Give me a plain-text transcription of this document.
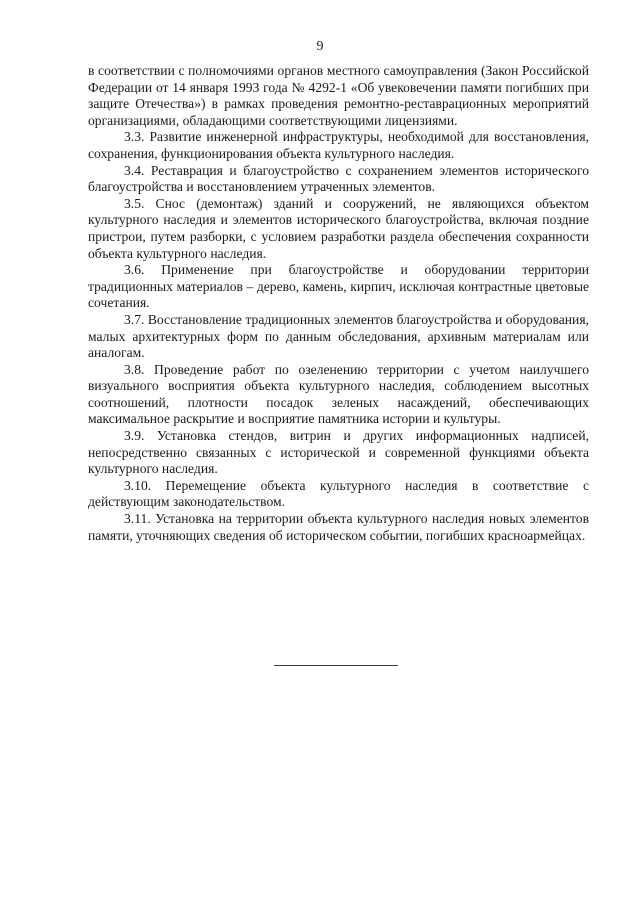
9

в соответствии с полномочиями органов местного самоуправления (Закон Российской Федерации от 14 января 1993 года № 4292-1 «Об увековечении памяти погибших при защите Отечества») в рамках проведения ремонтно-реставрационных мероприятий организациями, обладающими соответствующими лицензиями.

3.3. Развитие инженерной инфраструктуры, необходимой для восстановления, сохранения, функционирования объекта культурного наследия.

3.4. Реставрация и благоустройство с сохранением элементов исторического благоустройства и восстановлением утраченных элементов.

3.5. Снос (демонтаж) зданий и сооружений, не являющихся объектом культурного наследия и элементов исторического благоустройства, включая поздние пристрои, путем разборки, с условием разработки раздела обеспечения сохранности объекта культурного наследия.

3.6. Применение при благоустройстве и оборудовании территории традиционных материалов – дерево, камень, кирпич, исключая контрастные цветовые сочетания.

3.7. Восстановление традиционных элементов благоустройства и оборудования, малых архитектурных форм по данным обследования, архивным материалам или аналогам.

3.8. Проведение работ по озеленению территории с учетом наилучшего визуального восприятия объекта культурного наследия, соблюдением высотных соотношений, плотности посадок зеленых насаждений, обеспечивающих максимальное раскрытие и восприятие памятника истории и культуры.

3.9. Установка стендов, витрин и других информационных надписей, непосредственно связанных с исторической и современной функциями объекта культурного наследия.

3.10. Перемещение объекта культурного наследия в соответствие с действующим законодательством.

3.11. Установка на территории объекта культурного наследия новых элементов памяти, уточняющих сведения об историческом событии, погибших красноармейцах.
